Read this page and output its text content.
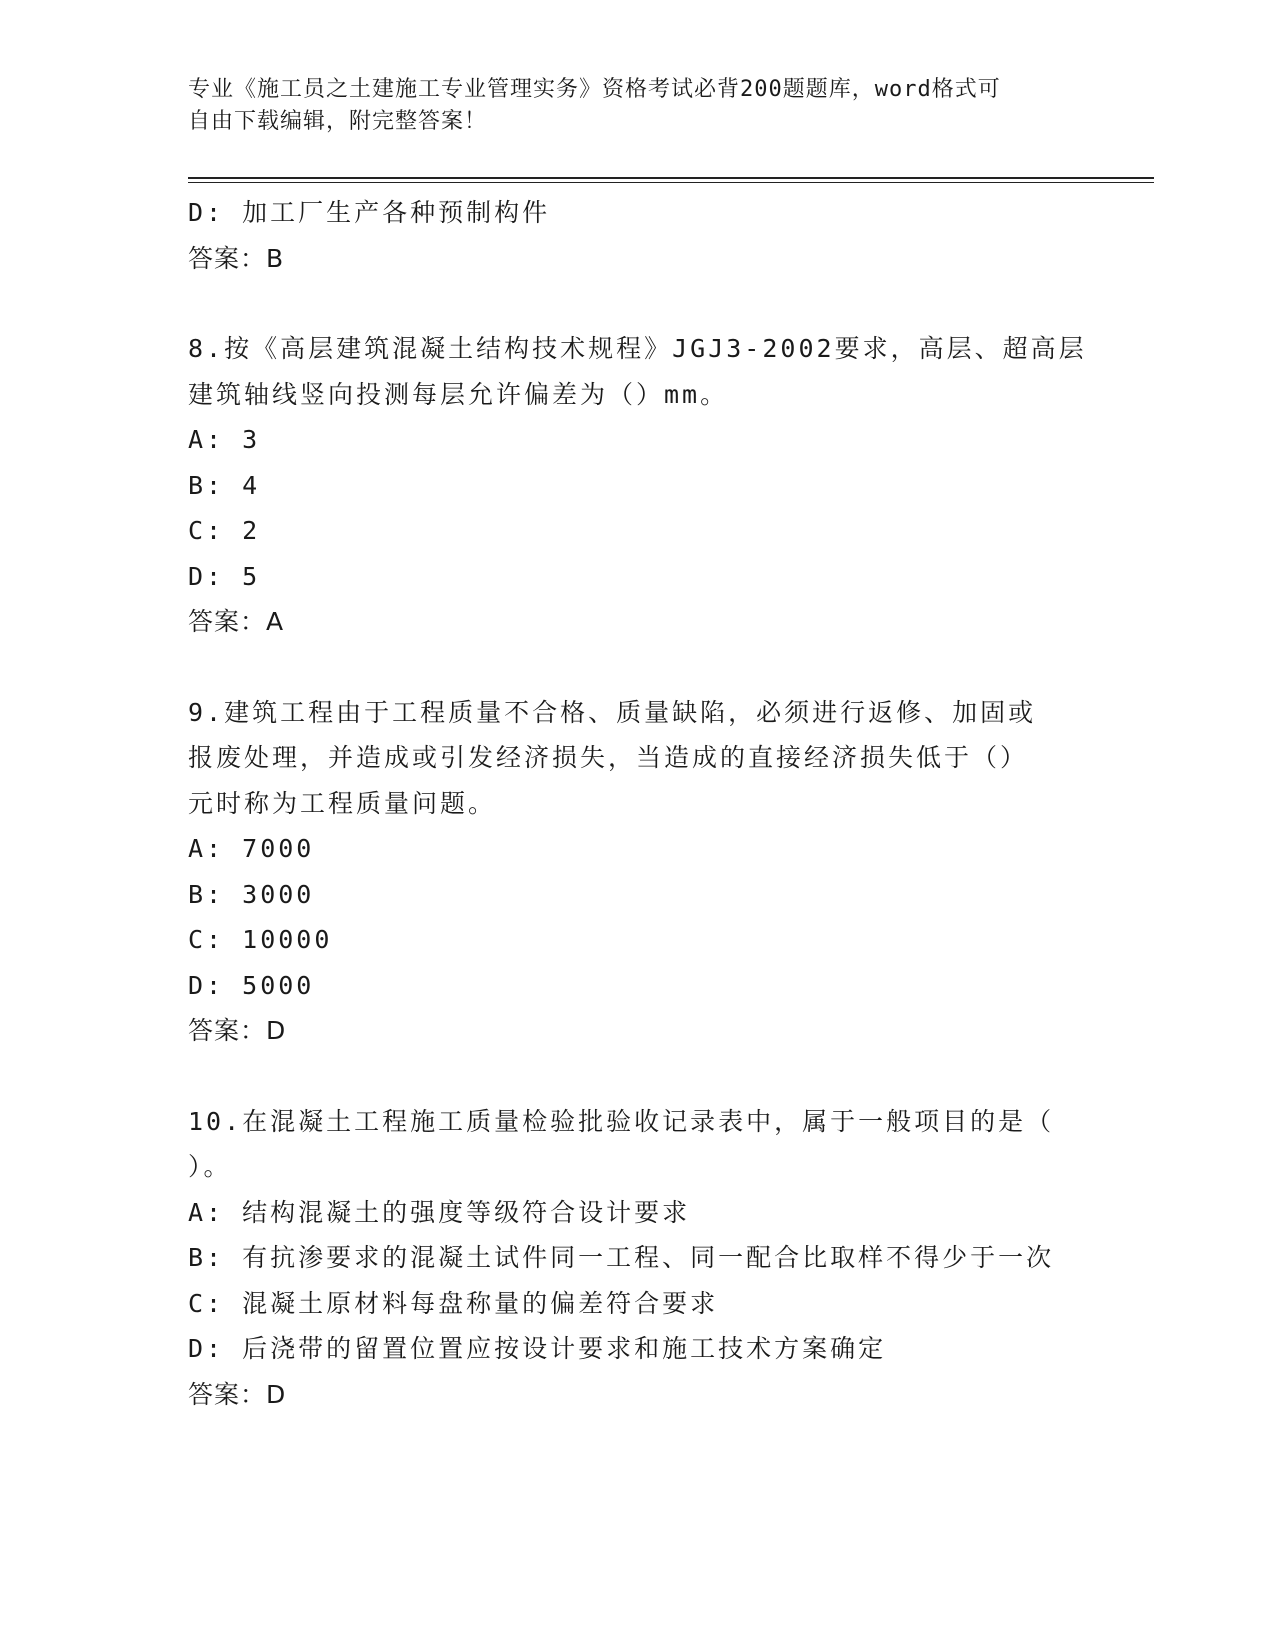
专业《施工员之土建施工专业管理实务》资格考试必背200题题库，word格式可
自由下载编辑，附完整答案！
D: 加工厂生产各种预制构件
答案：B
8.按《高层建筑混凝土结构技术规程》JGJ3-2002要求，高层、超高层
建筑轴线竖向投测每层允许偏差为（）mm。
A: 3
B: 4
C: 2
D: 5
答案：A
9.建筑工程由于工程质量不合格、质量缺陷，必须进行返修、加固或
报废处理，并造成或引发经济损失，当造成的直接经济损失低于（）
元时称为工程质量问题。
A: 7000
B: 3000
C: 10000
D: 5000
答案：D
10.在混凝土工程施工质量检验批验收记录表中，属于一般项目的是（
）。
A: 结构混凝土的强度等级符合设计要求
B: 有抗渗要求的混凝土试件同一工程、同一配合比取样不得少于一次
C: 混凝土原材料每盘称量的偏差符合要求
D: 后浇带的留置位置应按设计要求和施工技术方案确定
答案：D
